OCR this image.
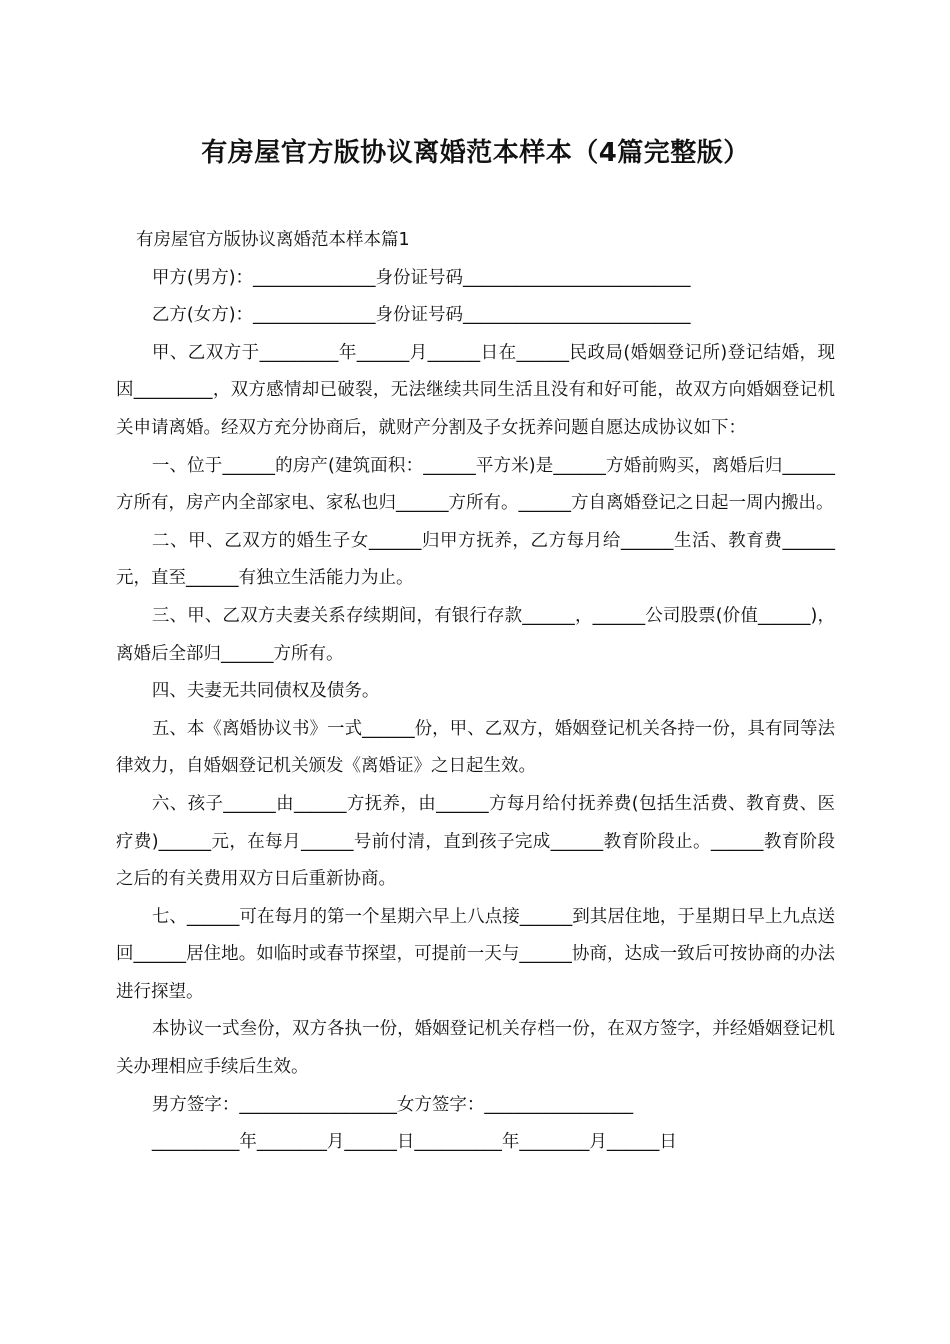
有房屋官方版协议离婚范本样本（4篇完整版）
有房屋官方版协议离婚范本样本篇1

甲方(男方)：______________身份证号码__________________________

乙方(女方)：______________身份证号码__________________________

甲、乙双方于_________年______月______日在______民政局(婚姻登记所)登记结婚，现因_________，双方感情却已破裂，无法继续共同生活且没有和好可能，故双方向婚姻登记机关申请离婚。经双方充分协商后，就财产分割及子女抚养问题自愿达成协议如下：

一、位于______的房产(建筑面积：______平方米)是______方婚前购买，离婚后归______方所有，房产内全部家电、家私也归______方所有。______方自离婚登记之日起一周内搬出。

二、甲、乙双方的婚生子女______归甲方抚养，乙方每月给______生活、教育费______元，直至______有独立生活能力为止。

三、甲、乙双方夫妻关系存续期间，有银行存款______，______公司股票(价值______)，离婚后全部归______方所有。

四、夫妻无共同债权及债务。

五、本《离婚协议书》一式______份，甲、乙双方，婚姻登记机关各持一份，具有同等法律效力，自婚姻登记机关颁发《离婚证》之日起生效。

六、孩子______由______方抚养，由______方每月给付抚养费(包括生活费、教育费、医疗费)______元，在每月______号前付清，直到孩子完成______教育阶段止。______教育阶段之后的有关费用双方日后重新协商。

七、______可在每月的第一个星期六早上八点接______到其居住地，于星期日早上九点送回______居住地。如临时或春节探望，可提前一天与______协商，达成一致后可按协商的办法进行探望。

本协议一式叁份，双方各执一份，婚姻登记机关存档一份，在双方签字，并经婚姻登记机关办理相应手续后生效。

男方签字：__________________女方签字：_________________

__________年________月______日__________年________月______日
